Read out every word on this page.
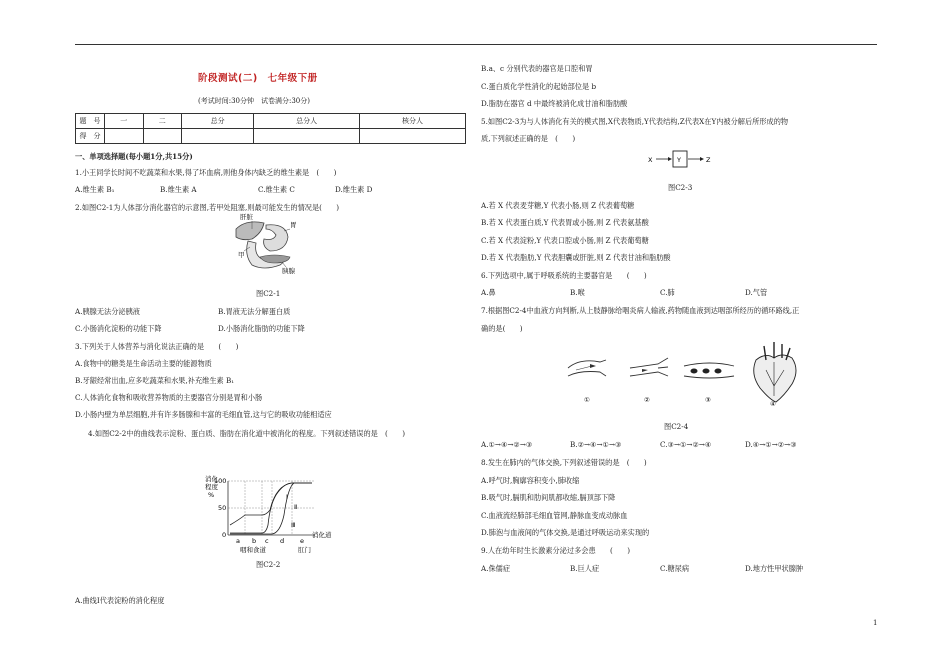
阶段测试(二)　七年级下册
(考试时间:30分钟　试卷满分:30分)
题　号	一	二	总分	总分人	核分人
得　分					
一、单项选择题(每小题1分,共15分)
1.小王同学长时间不吃蔬菜和水果,得了坏血病,则他身体内缺乏的维生素是　(　　)
A.维生素 B₁	B.维生素 A	C.维生素 C	D.维生素 D
2.如图C2-1为人体部分消化器官的示意图,若甲处阻塞,则最可能发生的情况是(　　)
肝脏
胃
甲
胰腺
图C2-1
A.胰腺无法分泌胰液	B.胃液无法分解蛋白质
C.小肠消化淀粉的功能下降	D.小肠消化脂肪的功能下降
3.下列关于人体营养与消化说法正确的是　　(　　)
A.食物中的糖类是生命活动主要的能源物质
B.牙龈经常出血,应多吃蔬菜和水果,补充维生素 B₁
C.人体消化食物和吸收营养物质的主要器官分别是胃和小肠
D.小肠内壁为单层细胞,并有许多肠腺和丰富的毛细血管,这与它的吸收功能相适应
4.如图C2-2中的曲线表示淀粉、蛋白质、脂肪在消化道中被消化的程度。下列叙述错误的是　(　　)
消化程度%
100
50
0
Ⅰ
Ⅱ
Ⅲ
a b c d e
消化道
咽和食道	肛门
图C2-2
A.曲线Ⅰ代表淀粉的消化程度
B.a、c 分别代表的器官是口腔和胃
C.蛋白质化学性消化的起始部位是 b
D.脂肪在器官 d 中最终被消化成甘油和脂肪酸
5.如图C2-3为与人体消化有关的模式图,X代表物质,Y代表结构,Z代表X在Y内被分解后所形成的物
质,下列叙述正确的是　(　　)
X	Y	Z
图C2-3
A.若 X 代表麦芽糖,Y 代表小肠,则 Z 代表葡萄糖
B.若 X 代表蛋白质,Y 代表胃或小肠,则 Z 代表氨基酸
C.若 X 代表淀粉,Y 代表口腔或小肠,则 Z 代表葡萄糖
D.若 X 代表脂肪,Y 代表胆囊或肝脏,则 Z 代表甘油和脂肪酸
6.下列选项中,属于呼吸系统的主要器官是　　(　　)
A.鼻	B.喉	C.肺	D.气管
7.根据图C2-4中血液方向判断,从上肢静脉给咽炎病人输液,药物随血液到达咽部所经历的循环路线,正
确的是(　　)
①	②	③	④
图C2-4
A.①→④→②→③	B.②→④→①→③	C.③→①→②→④	D.④→①→②→③
8.发生在肺内的气体交换,下列叙述错误的是　(　　)
A.呼气时,胸廓容积变小,肺收缩
B.吸气时,膈肌和肋间肌都收缩,膈顶部下降
C.血液流经肺部毛细血管网,静脉血变成动脉血
D.肺泡与血液间的气体交换,是通过呼吸运动来实现的
9.人在幼年时生长激素分泌过多会患　　(　　)
A.侏儒症	B.巨人症	C.糖尿病	D.地方性甲状腺肿
1
